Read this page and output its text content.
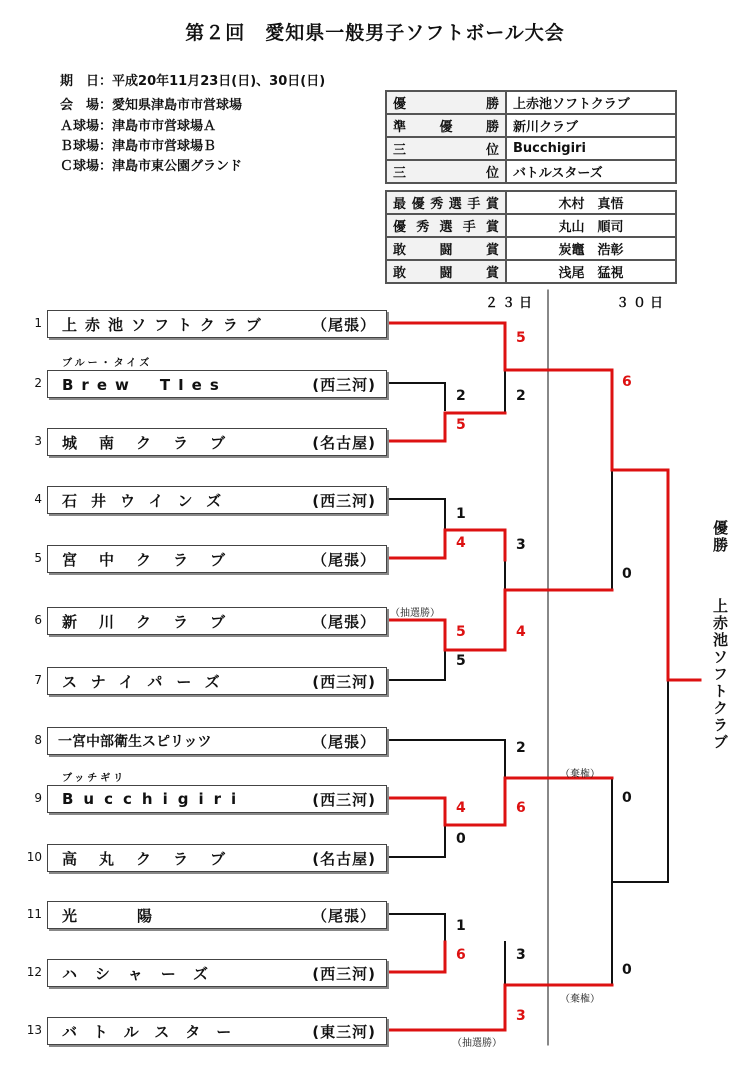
第２回　愛知県一般男子ソフトボール大会
期　日：平成20年11月23日(日)、30日(日)
会　場：愛知県津島市市営球場
Ａ球場：津島市市営球場Ａ
Ｂ球場：津島市市営球場Ｂ
Ｃ球場：津島市東公園グランド
優勝	上赤池ソフトクラブ
準優勝	新川クラブ
三位	Bucchigiri
三位	バトルスターズ
最優秀選手賞	木村　真悟
優秀選手賞	丸山　順司
敢闘賞	炭竈　浩彰
敢闘賞	浅尾　猛視
２３日	３０日
1	上赤池ソフトクラブ	（尾張）
ブルー・タイズ
2	Brew　TIes	(西三河)
3	城南クラブ	(名古屋)
4	石井ウインズ	(西三河)
5	宮中クラブ	（尾張）
6	新川クラブ	（尾張）
7	スナイパーズ	(西三河)
8	一宮中部衛生スピリッツ	（尾張）
ブッチギリ
9	Bucchigiri	(西三河)
10	高丸クラブ	(名古屋)
11	光　　　　陽	（尾張）
12	ハシャーズ	(西三河)
13	バトルスター	(東三河)
2
5
1
4
5
5
4
0
1
6
5
2
3
4
2
6
3
3
6
0
0
0
（抽選勝）
（抽選勝）
（棄権）
（棄権）
優勝
上赤池ソフトクラブ
